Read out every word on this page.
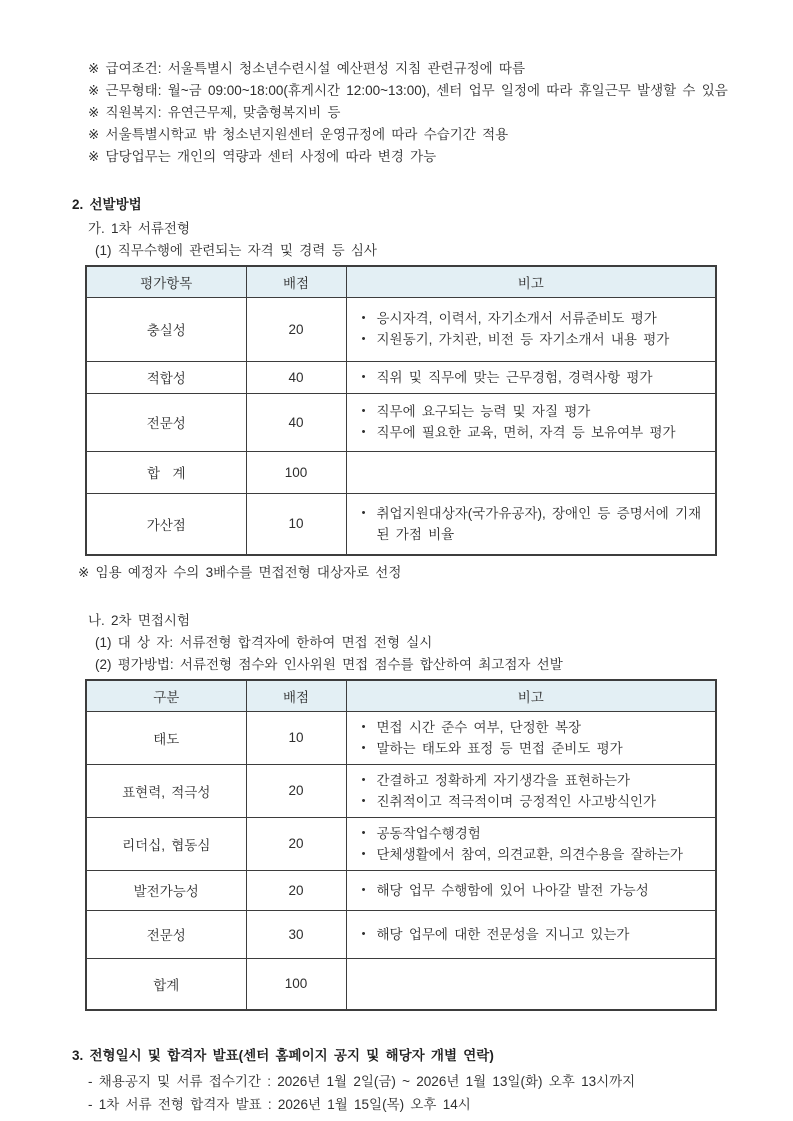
※ 급여조건: 서울특별시 청소년수련시설 예산편성 지침 관련규정에 따름
※ 근무형태: 월~금 09:00~18:00(휴게시간 12:00~13:00), 센터 업무 일정에 따라 휴일근무 발생할 수 있음
※ 직원복지: 유연근무제, 맞춤형복지비 등
※ 서울특별시학교 밖 청소년지원센터 운영규정에 따라 수습기간 적용
※ 담당업무는 개인의 역량과 센터 사정에 따라 변경 가능
2. 선발방법
가. 1차 서류전형
(1) 직무수행에 관련되는 자격 및 경력 등 심사
평가항목	배점	비고
충실성	20	• 응시자격, 이력서, 자기소개서 서류준비도 평가
• 지원동기, 가치관, 비전 등 자기소개서 내용 평가

적합성	40	• 직위 및 직무에 맞는 근무경험, 경력사항 평가

전문성	40	• 직무에 요구되는 능력 및 자질 평가
• 직무에 필요한 교육, 면허, 자격 등 보유여부 평가

합  계	100	
가산점	10	• 취업지원대상자(국가유공자), 장애인 등 증명서에 기재된 가점 비율
※ 임용 예정자 수의 3배수를 면접전형 대상자로 선정
나. 2차 면접시험
(1) 대 상 자: 서류전형 합격자에 한하여 면접 전형 실시
(2) 평가방법: 서류전형 점수와 인사위원 면접 점수를 합산하여 최고점자 선발
구분	배점	비고
태도	10	• 면접 시간 준수 여부, 단정한 복장
• 말하는 태도와 표정 등 면접 준비도 평가

표현력, 적극성	20	• 간결하고 정확하게 자기생각을 표현하는가
• 진취적이고 적극적이며 긍정적인 사고방식인가

리더십, 협동심	20	• 공동작업수행경험
• 단체생활에서 참여, 의견교환, 의견수용을 잘하는가

발전가능성	20	• 해당 업무 수행함에 있어 나아갈 발전 가능성

전문성	30	• 해당 업무에 대한 전문성을 지니고 있는가

합계	100	
3. 전형일시 및 합격자 발표(센터 홈페이지 공지 및 해당자 개별 연락)
- 채용공지 및 서류 접수기간 : 2026년 1월 2일(금) ~ 2026년 1월 13일(화) 오후 13시까지
- 1차 서류 전형 합격자 발표 : 2026년 1월 15일(목) 오후 14시
